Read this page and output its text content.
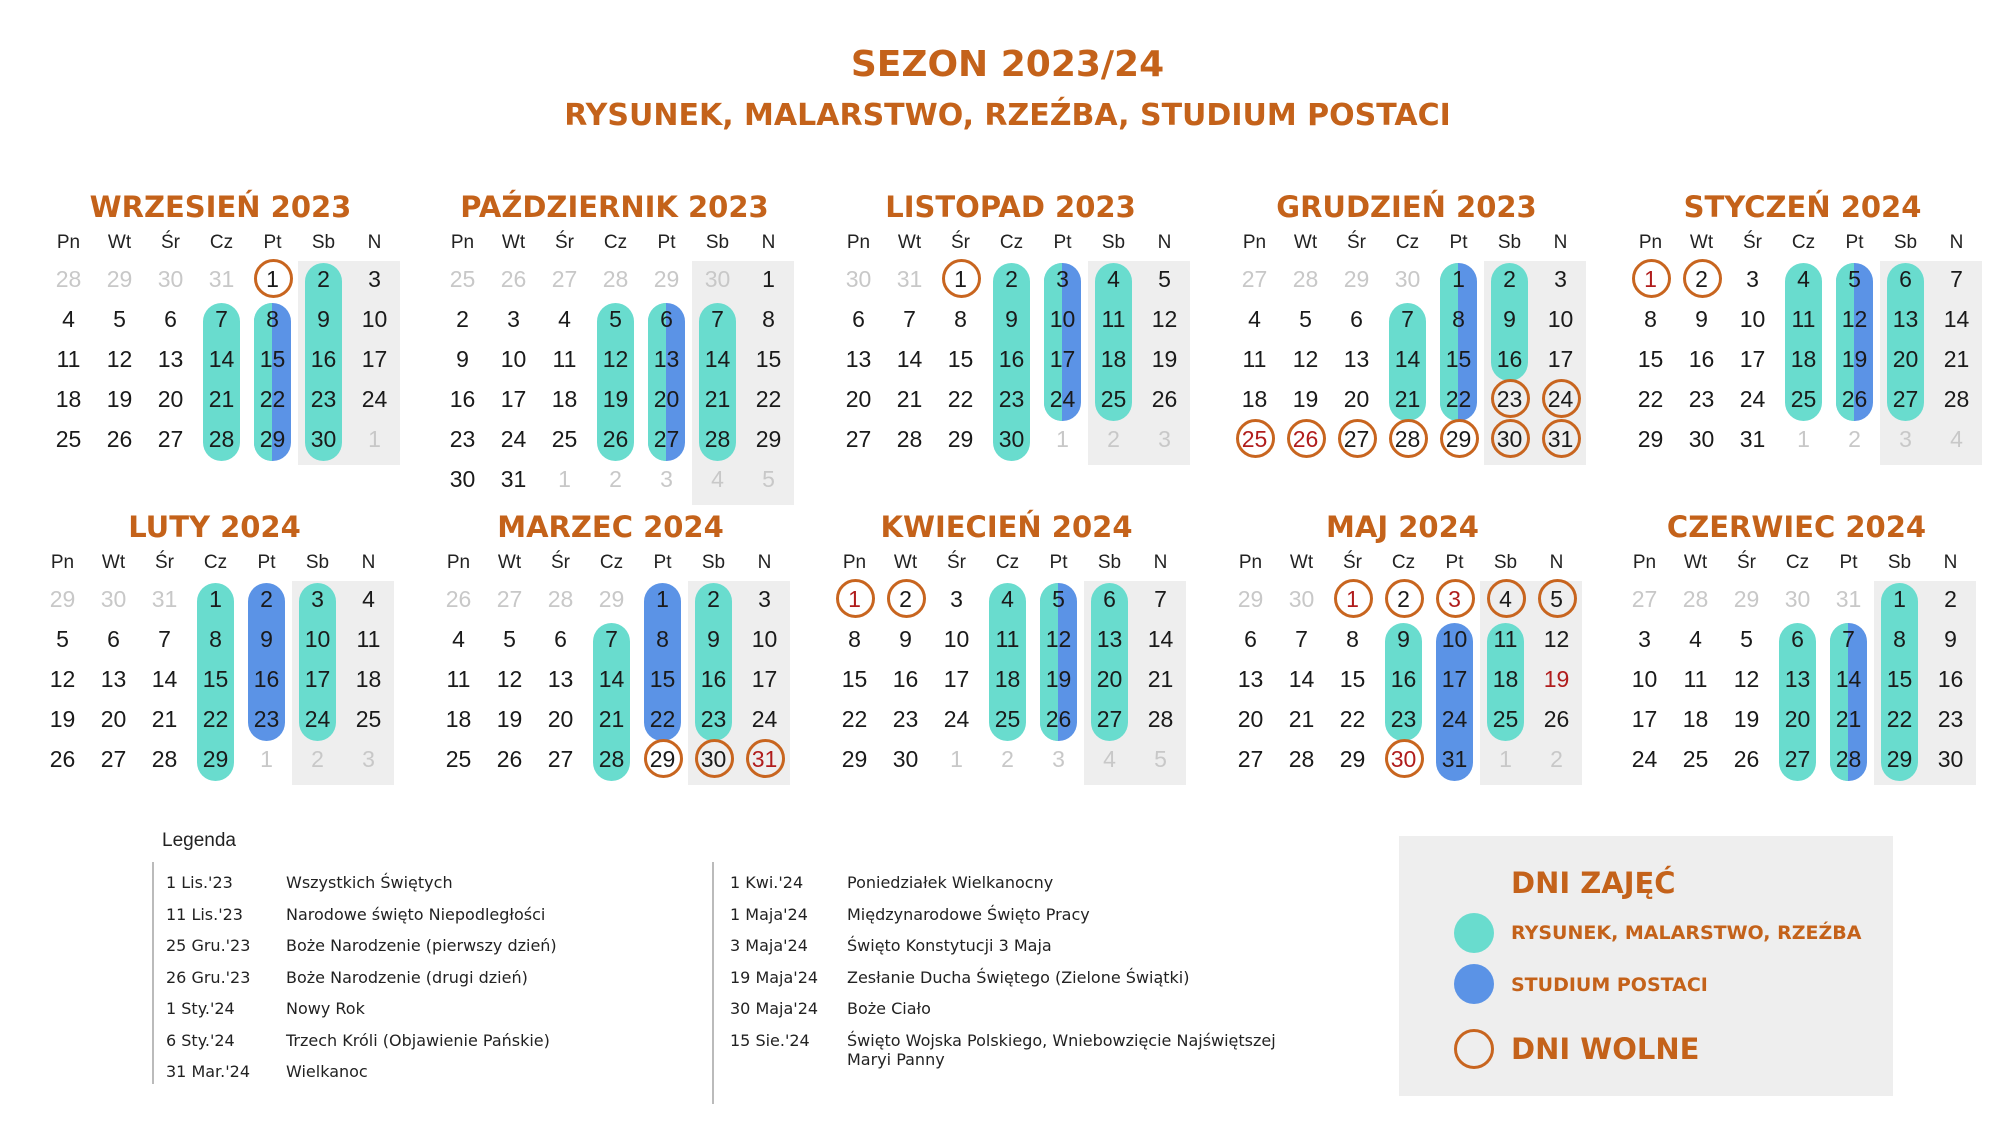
SEZON 2023/24
RYSUNEK, MALARSTWO, RZEŹBA, STUDIUM POSTACI
WRZESIEŃ 2023
Pn	Wt	Śr	Cz	Pt	Sb	N
28	29	30	31	1	2	3
4	5	6	7	8	9	10
11	12	13	14	15	16	17
18	19	20	21	22	23	24
25	26	27	28	29	30	1
PAŹDZIERNIK 2023
Pn	Wt	Śr	Cz	Pt	Sb	N
25	26	27	28	29	30	1
2	3	4	5	6	7	8
9	10	11	12	13	14	15
16	17	18	19	20	21	22
23	24	25	26	27	28	29
30	31	1	2	3	4	5
LISTOPAD 2023
Pn	Wt	Śr	Cz	Pt	Sb	N
30	31	1	2	3	4	5
6	7	8	9	10	11	12
13	14	15	16	17	18	19
20	21	22	23	24	25	26
27	28	29	30	1	2	3
GRUDZIEŃ 2023
Pn	Wt	Śr	Cz	Pt	Sb	N
27	28	29	30	1	2	3
4	5	6	7	8	9	10
11	12	13	14	15	16	17
18	19	20	21	22	23	24
25	26	27	28	29	30	31
STYCZEŃ 2024
Pn	Wt	Śr	Cz	Pt	Sb	N
1	2	3	4	5	6	7
8	9	10	11	12	13	14
15	16	17	18	19	20	21
22	23	24	25	26	27	28
29	30	31	1	2	3	4
LUTY 2024
Pn	Wt	Śr	Cz	Pt	Sb	N
29	30	31	1	2	3	4
5	6	7	8	9	10	11
12	13	14	15	16	17	18
19	20	21	22	23	24	25
26	27	28	29	1	2	3
MARZEC 2024
Pn	Wt	Śr	Cz	Pt	Sb	N
26	27	28	29	1	2	3
4	5	6	7	8	9	10
11	12	13	14	15	16	17
18	19	20	21	22	23	24
25	26	27	28	29	30	31
KWIECIEŃ 2024
Pn	Wt	Śr	Cz	Pt	Sb	N
1	2	3	4	5	6	7
8	9	10	11	12	13	14
15	16	17	18	19	20	21
22	23	24	25	26	27	28
29	30	1	2	3	4	5
MAJ 2024
Pn	Wt	Śr	Cz	Pt	Sb	N
29	30	1	2	3	4	5
6	7	8	9	10	11	12
13	14	15	16	17	18	19
20	21	22	23	24	25	26
27	28	29	30	31	1	2
CZERWIEC 2024
Pn	Wt	Śr	Cz	Pt	Sb	N
27	28	29	30	31	1	2
3	4	5	6	7	8	9
10	11	12	13	14	15	16
17	18	19	20	21	22	23
24	25	26	27	28	29	30
Legenda
1 Lis.'23	Wszystkich Świętych
11 Lis.'23	Narodowe święto Niepodległości
25 Gru.'23	Boże Narodzenie (pierwszy dzień)
26 Gru.'23	Boże Narodzenie (drugi dzień)
1 Sty.'24	Nowy Rok
6 Sty.'24	Trzech Króli (Objawienie Pańskie)
31 Mar.'24	Wielkanoc
1 Kwi.'24	Poniedziałek Wielkanocny
1 Maja'24	Międzynarodowe Święto Pracy
3 Maja'24	Święto Konstytucji 3 Maja
19 Maja'24	Zesłanie Ducha Świętego (Zielone Świątki)
30 Maja'24	Boże Ciało
15 Sie.'24	Święto Wojska Polskiego, Wniebowzięcie Najświętszej Maryi Panny
DNI ZAJĘĆ
RYSUNEK, MALARSTWO, RZEŹBA
STUDIUM POSTACI
DNI WOLNE
